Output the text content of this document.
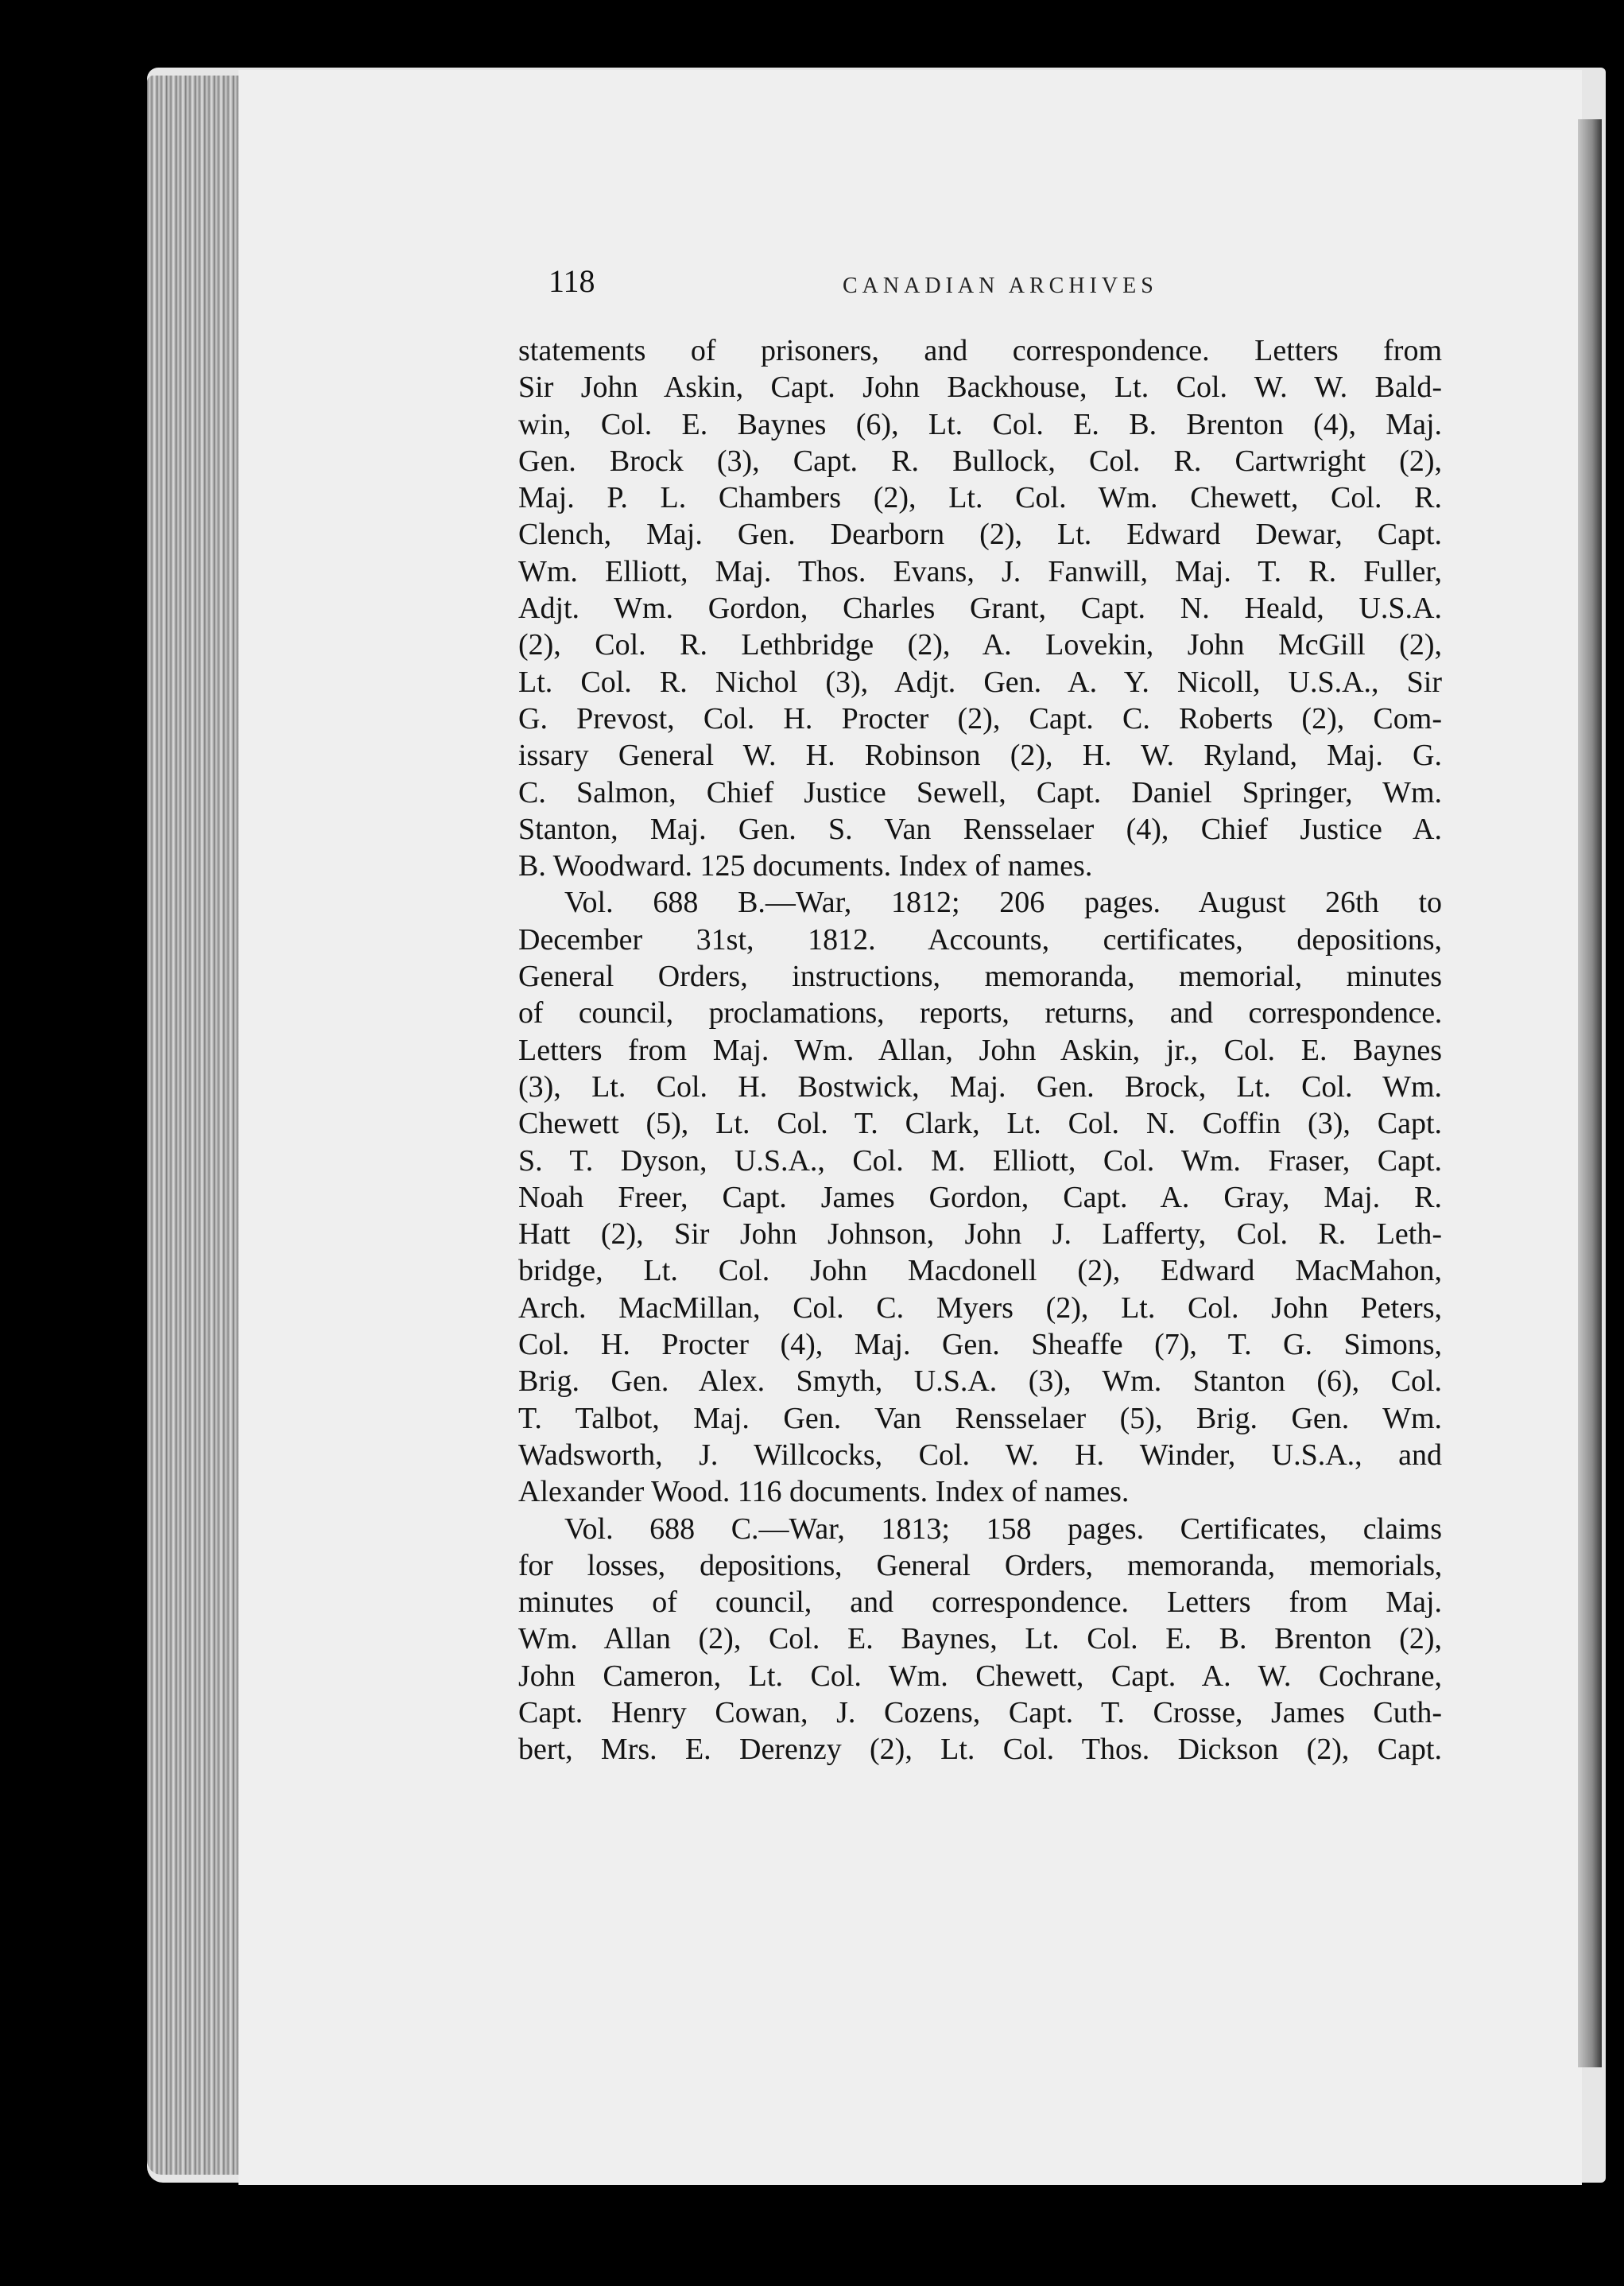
118	CANADIAN ARCHIVES
statements of prisoners, and correspondence. Letters from
Sir John Askin, Capt. John Backhouse, Lt. Col. W. W. Bald-
win, Col. E. Baynes (6), Lt. Col. E. B. Brenton (4), Maj.
Gen. Brock (3), Capt. R. Bullock, Col. R. Cartwright (2),
Maj. P. L. Chambers (2), Lt. Col. Wm. Chewett, Col. R.
Clench, Maj. Gen. Dearborn (2), Lt. Edward Dewar, Capt.
Wm. Elliott, Maj. Thos. Evans, J. Fanwill, Maj. T. R. Fuller,
Adjt. Wm. Gordon, Charles Grant, Capt. N. Heald, U.S.A.
(2), Col. R. Lethbridge (2), A. Lovekin, John McGill (2),
Lt. Col. R. Nichol (3), Adjt. Gen. A. Y. Nicoll, U.S.A., Sir
G. Prevost, Col. H. Procter (2), Capt. C. Roberts (2), Com-
issary General W. H. Robinson (2), H. W. Ryland, Maj. G.
C. Salmon, Chief Justice Sewell, Capt. Daniel Springer, Wm.
Stanton, Maj. Gen. S. Van Rensselaer (4), Chief Justice A.
B. Woodward. 125 documents. Index of names.
Vol. 688 B.—War, 1812; 206 pages. August 26th to
December 31st, 1812. Accounts, certificates, depositions,
General Orders, instructions, memoranda, memorial, minutes
of council, proclamations, reports, returns, and correspondence.
Letters from Maj. Wm. Allan, John Askin, jr., Col. E. Baynes
(3), Lt. Col. H. Bostwick, Maj. Gen. Brock, Lt. Col. Wm.
Chewett (5), Lt. Col. T. Clark, Lt. Col. N. Coffin (3), Capt.
S. T. Dyson, U.S.A., Col. M. Elliott, Col. Wm. Fraser, Capt.
Noah Freer, Capt. James Gordon, Capt. A. Gray, Maj. R.
Hatt (2), Sir John Johnson, John J. Lafferty, Col. R. Leth-
bridge, Lt. Col. John Macdonell (2), Edward MacMahon,
Arch. MacMillan, Col. C. Myers (2), Lt. Col. John Peters,
Col. H. Procter (4), Maj. Gen. Sheaffe (7), T. G. Simons,
Brig. Gen. Alex. Smyth, U.S.A. (3), Wm. Stanton (6), Col.
T. Talbot, Maj. Gen. Van Rensselaer (5), Brig. Gen. Wm.
Wadsworth, J. Willcocks, Col. W. H. Winder, U.S.A., and
Alexander Wood. 116 documents. Index of names.
Vol. 688 C.—War, 1813; 158 pages. Certificates, claims
for losses, depositions, General Orders, memoranda, memorials,
minutes of council, and correspondence. Letters from Maj.
Wm. Allan (2), Col. E. Baynes, Lt. Col. E. B. Brenton (2),
John Cameron, Lt. Col. Wm. Chewett, Capt. A. W. Cochrane,
Capt. Henry Cowan, J. Cozens, Capt. T. Crosse, James Cuth-
bert, Mrs. E. Derenzy (2), Lt. Col. Thos. Dickson (2), Capt.
